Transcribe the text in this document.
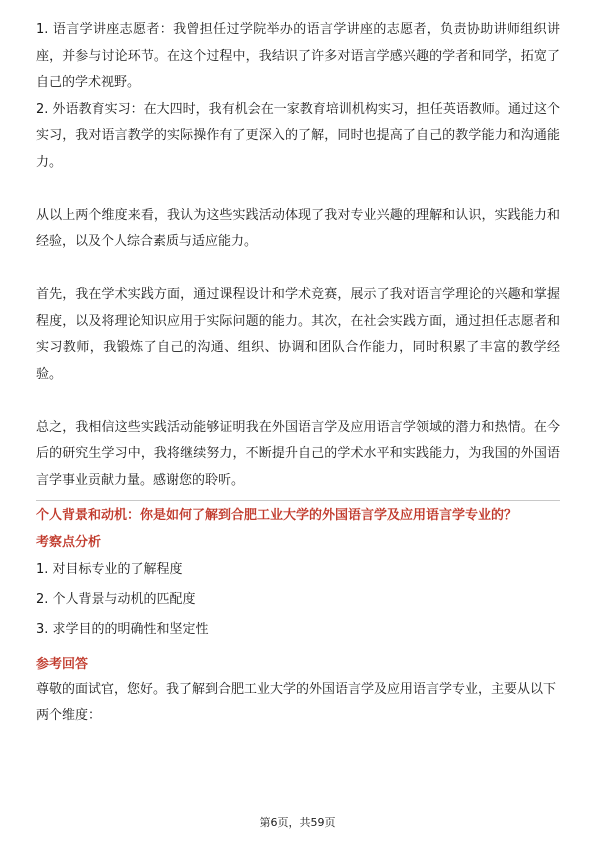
1. 语言学讲座志愿者：我曾担任过学院举办的语言学讲座的志愿者，负责协助讲师组织讲座，并参与讨论环节。在这个过程中，我结识了许多对语言学感兴趣的学者和同学，拓宽了自己的学术视野。

2. 外语教育实习：在大四时，我有机会在一家教育培训机构实习，担任英语教师。通过这个实习，我对语言教学的实际操作有了更深入的了解，同时也提高了自己的教学能力和沟通能力。

从以上两个维度来看，我认为这些实践活动体现了我对专业兴趣的理解和认识，实践能力和经验，以及个人综合素质与适应能力。

首先，我在学术实践方面，通过课程设计和学术竞赛，展示了我对语言学理论的兴趣和掌握程度，以及将理论知识应用于实际问题的能力。其次，在社会实践方面，通过担任志愿者和实习教师，我锻炼了自己的沟通、组织、协调和团队合作能力，同时积累了丰富的教学经验。

总之，我相信这些实践活动能够证明我在外国语言学及应用语言学领域的潜力和热情。在今后的研究生学习中，我将继续努力，不断提升自己的学术水平和实践能力，为我国的外国语言学事业贡献力量。感谢您的聆听。

个人背景和动机：你是如何了解到合肥工业大学的外国语言学及应用语言学专业的？

考察点分析

1. 对目标专业的了解程度

2. 个人背景与动机的匹配度

3. 求学目的的明确性和坚定性

参考回答

尊敬的面试官，您好。我了解到合肥工业大学的外国语言学及应用语言学专业，主要从以下两个维度：

第6页，共59页
